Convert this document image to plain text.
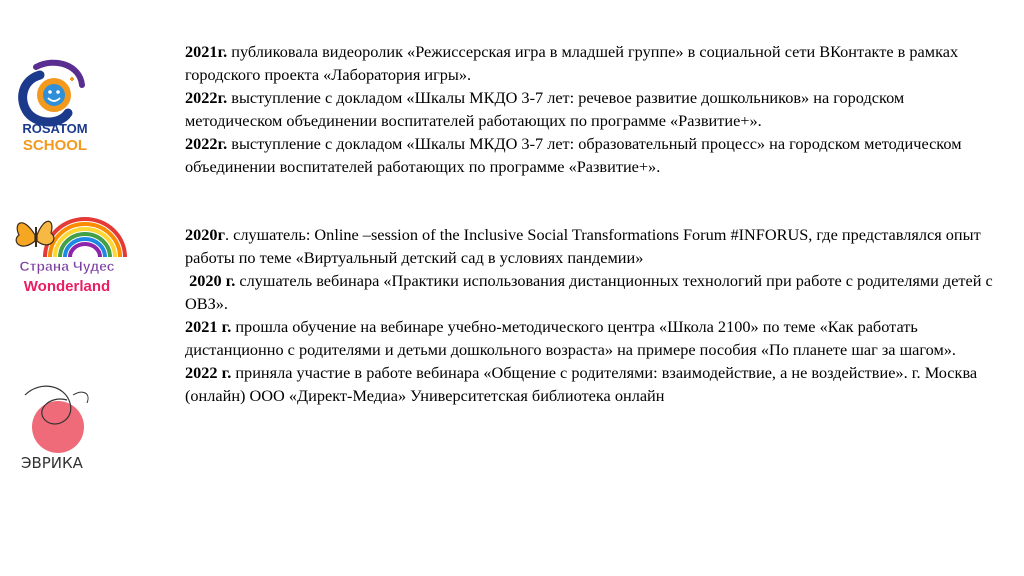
ROSATOM
SCHOOL
Страна Чудес
Wonderland
ЭВРИКА

2021г. публиковала видеоролик «Режиссерская игра в младшей группе» в социальной сети ВКонтакте в рамках городского проекта «Лаборатория игры».

2022г. выступление с докладом «Шкалы МКДО 3-7 лет: речевое развитие дошкольников» на городском методическом объединении воспитателей работающих по программе «Развитие+».

2022г. выступление с докладом «Шкалы МКДО 3-7 лет: образовательный процесс» на городском методическом объединении воспитателей работающих по программе «Развитие+».

2020г. слушатель: Online –session of the Inclusive Social Transformations Forum #INFORUS, где представлялся опыт работы по теме «Виртуальный детский сад в условиях пандемии»

2020 г. слушатель вебинара «Практики использования дистанционных технологий при работе с родителями детей с ОВЗ».

2021 г. прошла обучение на вебинаре учебно-методического центра «Школа 2100» по теме «Как работать дистанционно с родителями и детьми дошкольного возраста» на примере пособия «По планете шаг за шагом».

2022 г. приняла участие в работе вебинара «Общение с родителями: взаимодействие, а не воздействие». г. Москва (онлайн) ООО «Директ-Медиа» Университетская библиотека онлайн
